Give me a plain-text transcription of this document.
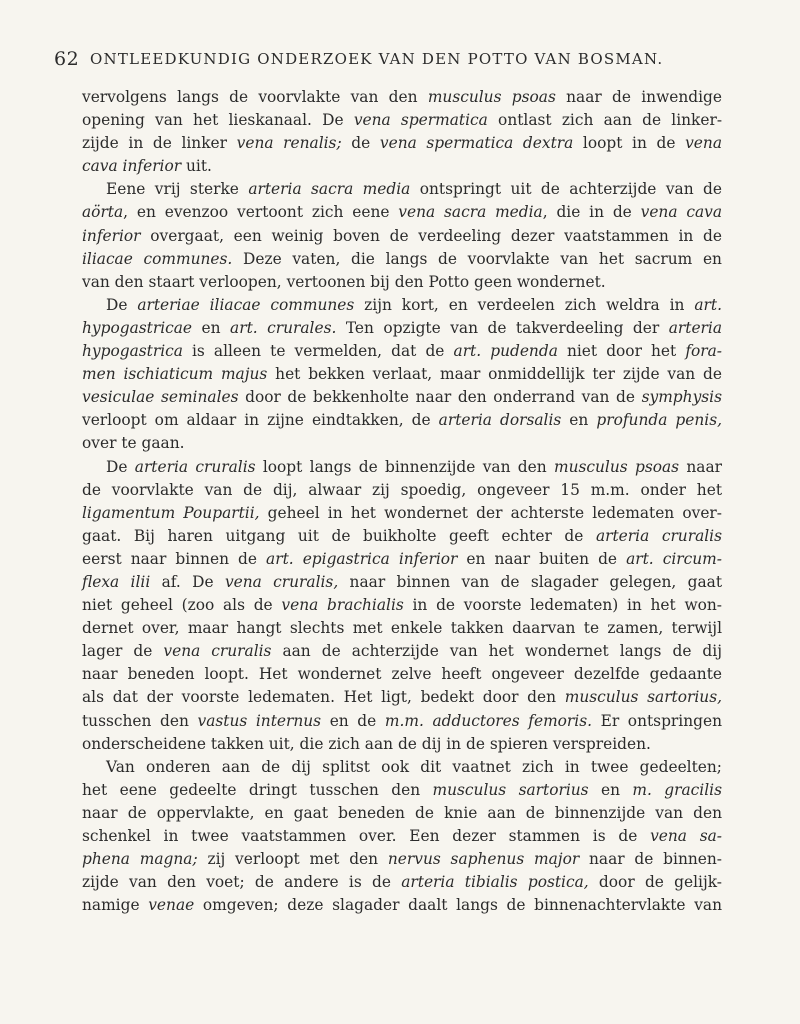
62 ONTLEEDKUNDIG ONDERZOEK VAN DEN POTTO VAN BOSMAN.
vervolgens langs de voorvlakte van den musculus psoas naar de inwendige
opening van het lieskanaal. De vena spermatica ontlast zich aan de linker-
zijde in de linker vena renalis; de vena spermatica dextra loopt in de vena
cava inferior uit.
Eene vrij sterke arteria sacra media ontspringt uit de achterzijde van de
aörta, en evenzoo vertoont zich eene vena sacra media, die in de vena cava
inferior overgaat, een weinig boven de verdeeling dezer vaatstammen in de
iliacae communes. Deze vaten, die langs de voorvlakte van het sacrum en
van den staart verloopen, vertoonen bij den Potto geen wondernet.
De arteriae iliacae communes zijn kort, en verdeelen zich weldra in art.
hypogastricae en art. crurales. Ten opzigte van de takverdeeling der arteria
hypogastrica is alleen te vermelden, dat de art. pudenda niet door het fora-
men ischiaticum majus het bekken verlaat, maar onmiddellijk ter zijde van de
vesiculae seminales door de bekkenholte naar den onderrand van de symphysis
verloopt om aldaar in zijne eindtakken, de arteria dorsalis en profunda penis,
over te gaan.
De arteria cruralis loopt langs de binnenzijde van den musculus psoas naar
de voorvlakte van de dij, alwaar zij spoedig, ongeveer 15 m.m. onder het
ligamentum Poupartii, geheel in het wondernet der achterste ledematen over-
gaat. Bij haren uitgang uit de buikholte geeft echter de arteria cruralis
eerst naar binnen de art. epigastrica inferior en naar buiten de art. circum-
flexa ilii af. De vena cruralis, naar binnen van de slagader gelegen, gaat
niet geheel (zoo als de vena brachialis in de voorste ledematen) in het won-
dernet over, maar hangt slechts met enkele takken daarvan te zamen, terwijl
lager de vena cruralis aan de achterzijde van het wondernet langs de dij
naar beneden loopt. Het wondernet zelve heeft ongeveer dezelfde gedaante
als dat der voorste ledematen. Het ligt, bedekt door den musculus sartorius,
tusschen den vastus internus en de m.m. adductores femoris. Er ontspringen
onderscheidene takken uit, die zich aan de dij in de spieren verspreiden.
Van onderen aan de dij splitst ook dit vaatnet zich in twee gedeelten;
het eene gedeelte dringt tusschen den musculus sartorius en m. gracilis
naar de oppervlakte, en gaat beneden de knie aan de binnenzijde van den
schenkel in twee vaatstammen over. Een dezer stammen is de vena sa-
phena magna; zij verloopt met den nervus saphenus major naar de binnen-
zijde van den voet; de andere is de arteria tibialis postica, door de gelijk-
namige venae omgeven; deze slagader daalt langs de binnenachtervlakte van
